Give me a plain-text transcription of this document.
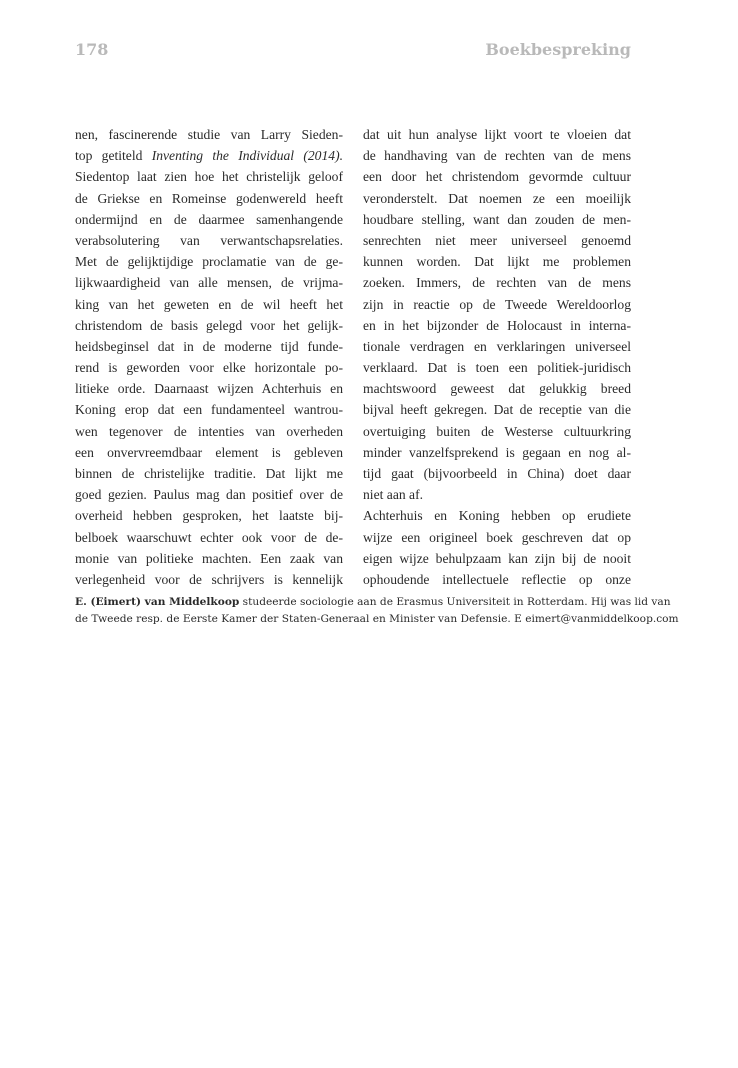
178	Boekbespreking
nen, fascinerende studie van Larry Sieden-
top getiteld Inventing the Individual (2014).
Siedentop laat zien hoe het christelijk geloof
de Griekse en Romeinse godenwereld heeft
ondermijnd en de daarmee samenhangende
verabsolutering van verwantschapsrelaties.
Met de gelijktijdige proclamatie van de ge-
lijkwaardigheid van alle mensen, de vrijma-
king van het geweten en de wil heeft het
christendom de basis gelegd voor het gelijk-
heidsbeginsel dat in de moderne tijd funde-
rend is geworden voor elke horizontale po-
litieke orde. Daarnaast wijzen Achterhuis en
Koning erop dat een fundamenteel wantrou-
wen tegenover de intenties van overheden
een onvervreemdbaar element is gebleven
binnen de christelijke traditie. Dat lijkt me
goed gezien. Paulus mag dan positief over de
overheid hebben gesproken, het laatste bij-
belboek waarschuwt echter ook voor de de-
monie van politieke machten. Een zaak van
verlegenheid voor de schrijvers is kennelijk
dat uit hun analyse lijkt voort te vloeien dat
de handhaving van de rechten van de mens
een door het christendom gevormde cultuur
veronderstelt. Dat noemen ze een moeilijk
houdbare stelling, want dan zouden de men-
senrechten niet meer universeel genoemd
kunnen worden. Dat lijkt me problemen
zoeken. Immers, de rechten van de mens
zijn in reactie op de Tweede Wereldoorlog
en in het bijzonder de Holocaust in interna-
tionale verdragen en verklaringen universeel
verklaard. Dat is toen een politiek-juridisch
machtswoord geweest dat gelukkig breed
bijval heeft gekregen. Dat de receptie van die
overtuiging buiten de Westerse cultuurkring
minder vanzelfsprekend is gegaan en nog al-
tijd gaat (bijvoorbeeld in China) doet daar
niet aan af.
Achterhuis en Koning hebben op erudiete
wijze een origineel boek geschreven dat op
eigen wijze behulpzaam kan zijn bij de nooit
ophoudende intellectuele reflectie op onze
E. (Eimert) van Middelkoop studeerde sociologie aan de Erasmus Universiteit in Rotterdam. Hij was lid van
de Tweede resp. de Eerste Kamer der Staten-Generaal en Minister van Defensie. E eimert@vanmiddelkoop.com
